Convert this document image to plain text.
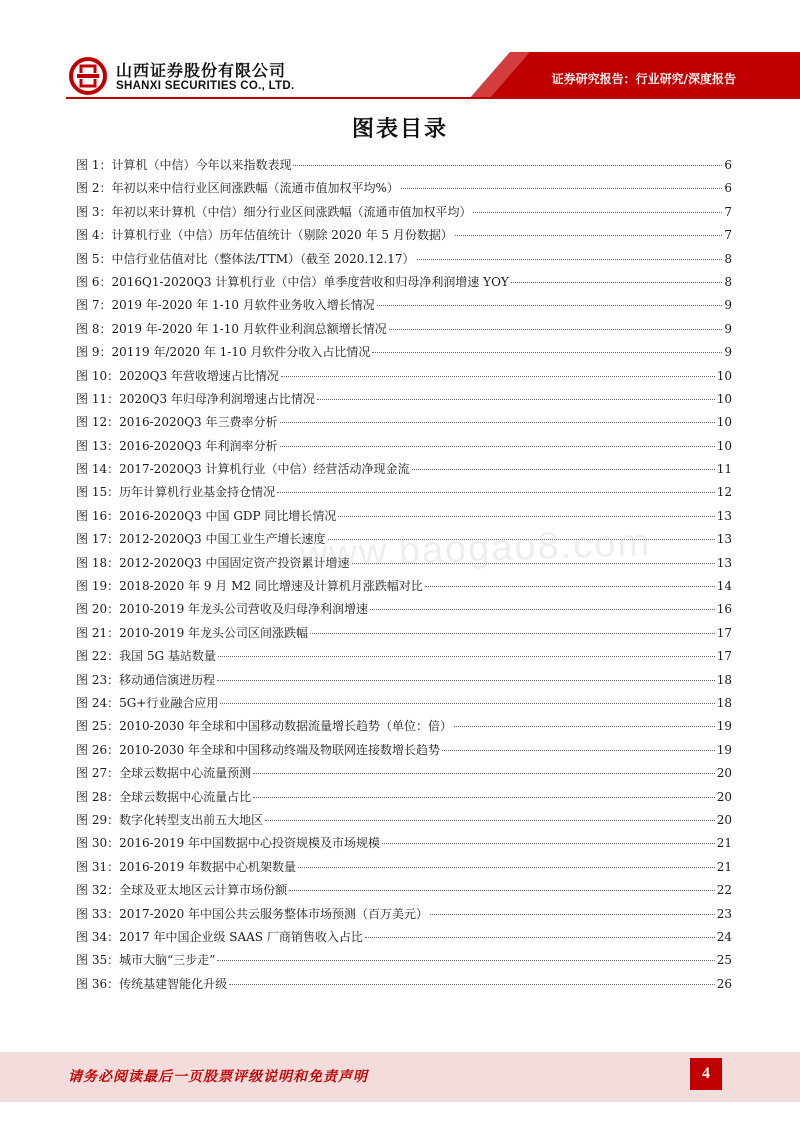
山西证券股份有限公司
SHANXI SECURITIES CO., LTD.	证券研究报告：行业研究/深度报告
图表目录
图 1：计算机（中信）今年以来指数表现	6
图 2：年初以来中信行业区间涨跌幅（流通市值加权平均%）	6
图 3：年初以来计算机（中信）细分行业区间涨跌幅（流通市值加权平均）	7
图 4：计算机行业（中信）历年估值统计（剔除 2020 年 5 月份数据）	7
图 5：中信行业估值对比（整体法/TTM）（截至 2020.12.17）	8
图 6：2016Q1-2020Q3 计算机行业（中信）单季度营收和归母净利润增速 YOY	8
图 7：2019 年-2020 年 1-10 月软件业务收入增长情况	9
图 8：2019 年-2020 年 1-10 月软件业利润总额增长情况	9
图 9：20119 年/2020 年 1-10 月软件分收入占比情况	9
图 10：2020Q3 年营收增速占比情况	10
图 11：2020Q3 年归母净利润增速占比情况	10
图 12：2016-2020Q3 年三费率分析	10
图 13：2016-2020Q3 年利润率分析	10
图 14：2017-2020Q3 计算机行业（中信）经营活动净现金流	11
图 15：历年计算机行业基金持仓情况	12
图 16：2016-2020Q3 中国 GDP 同比增长情况	13
图 17：2012-2020Q3 中国工业生产增长速度	13
图 18：2012-2020Q3 中国固定资产投资累计增速	13
图 19：2018-2020 年 9 月 M2 同比增速及计算机月涨跌幅对比	14
图 20：2010-2019 年龙头公司营收及归母净利润增速	16
图 21：2010-2019 年龙头公司区间涨跌幅	17
图 22：我国 5G 基站数量	17
图 23：移动通信演进历程	18
图 24：5G+行业融合应用	18
图 25：2010-2030 年全球和中国移动数据流量增长趋势（单位：倍）	19
图 26：2010-2030 年全球和中国移动终端及物联网连接数增长趋势	19
图 27：全球云数据中心流量预测	20
图 28：全球云数据中心流量占比	20
图 29：数字化转型支出前五大地区	20
图 30：2016-2019 年中国数据中心投资规模及市场规模	21
图 31：2016-2019 年数据中心机架数量	21
图 32：全球及亚太地区云计算市场份额	22
图 33：2017-2020 年中国公共云服务整体市场预测（百万美元）	23
图 34：2017 年中国企业级 SAAS 厂商销售收入占比	24
图 35：城市大脑“三步走”	25
图 36：传统基建智能化升级	26
www.baogao8.com
请务必阅读最后一页股票评级说明和免责声明	4
